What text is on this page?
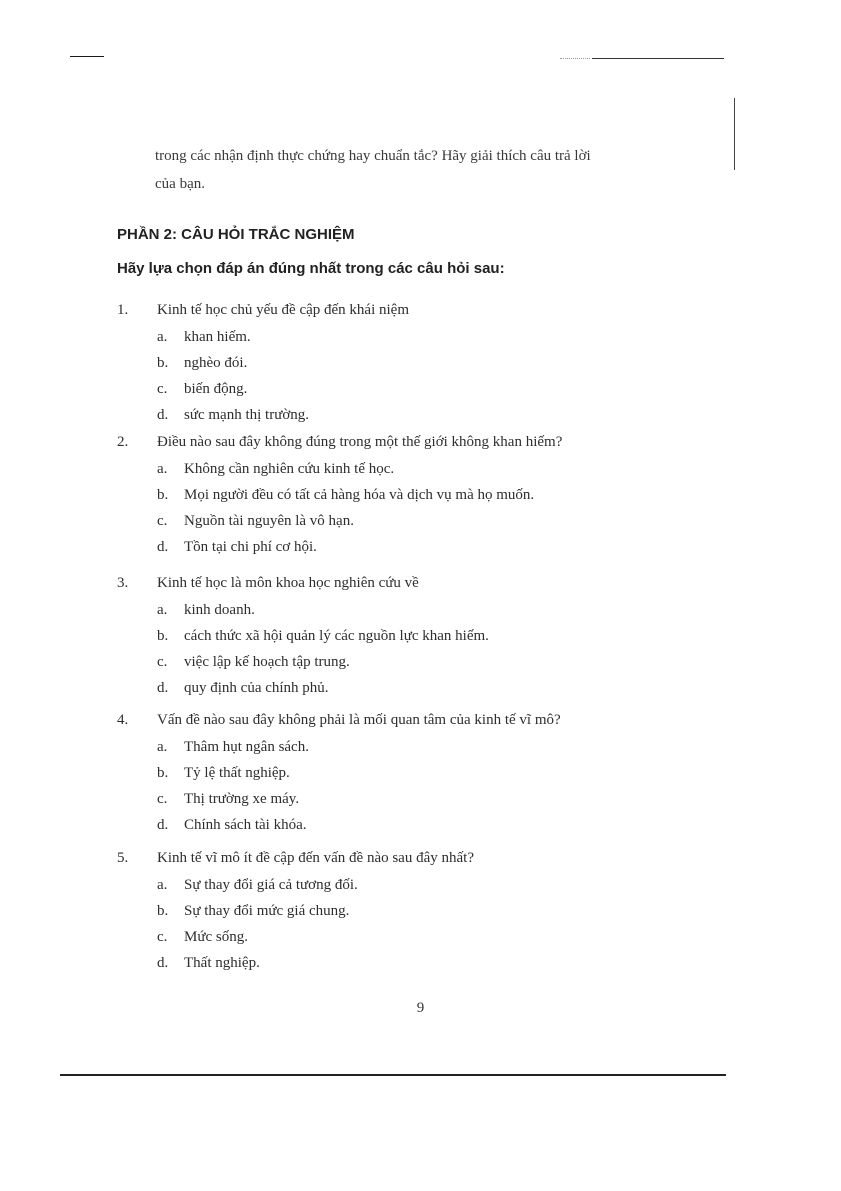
trong các nhận định thực chứng hay chuẩn tắc? Hãy giải thích câu trả lời

của bạn.

PHẦN 2: CÂU HỎI TRẮC NGHIỆM

Hãy lựa chọn đáp án đúng nhất trong các câu hỏi sau:

1. Kinh tế học chủ yếu đề cập đến khái niệm
a. khan hiếm.
b. nghèo đói.
c. biến động.
d. sức mạnh thị trường.
2. Điều nào sau đây không đúng trong một thế giới không khan hiếm?
a. Không cần nghiên cứu kinh tế học.
b. Mọi người đều có tất cả hàng hóa và dịch vụ mà họ muốn.
c. Nguồn tài nguyên là vô hạn.
d. Tồn tại chi phí cơ hội.
3. Kinh tế học là môn khoa học nghiên cứu về
a. kinh doanh.
b. cách thức xã hội quản lý các nguồn lực khan hiếm.
c. việc lập kế hoạch tập trung.
d. quy định của chính phủ.
4. Vấn đề nào sau đây không phải là mối quan tâm của kinh tế vĩ mô?
a. Thâm hụt ngân sách.
b. Tỷ lệ thất nghiệp.
c. Thị trường xe máy.
d. Chính sách tài khóa.
5. Kinh tế vĩ mô ít đề cập đến vấn đề nào sau đây nhất?
a. Sự thay đổi giá cả tương đối.
b. Sự thay đổi mức giá chung.
c. Mức sống.
d. Thất nghiệp.
9
